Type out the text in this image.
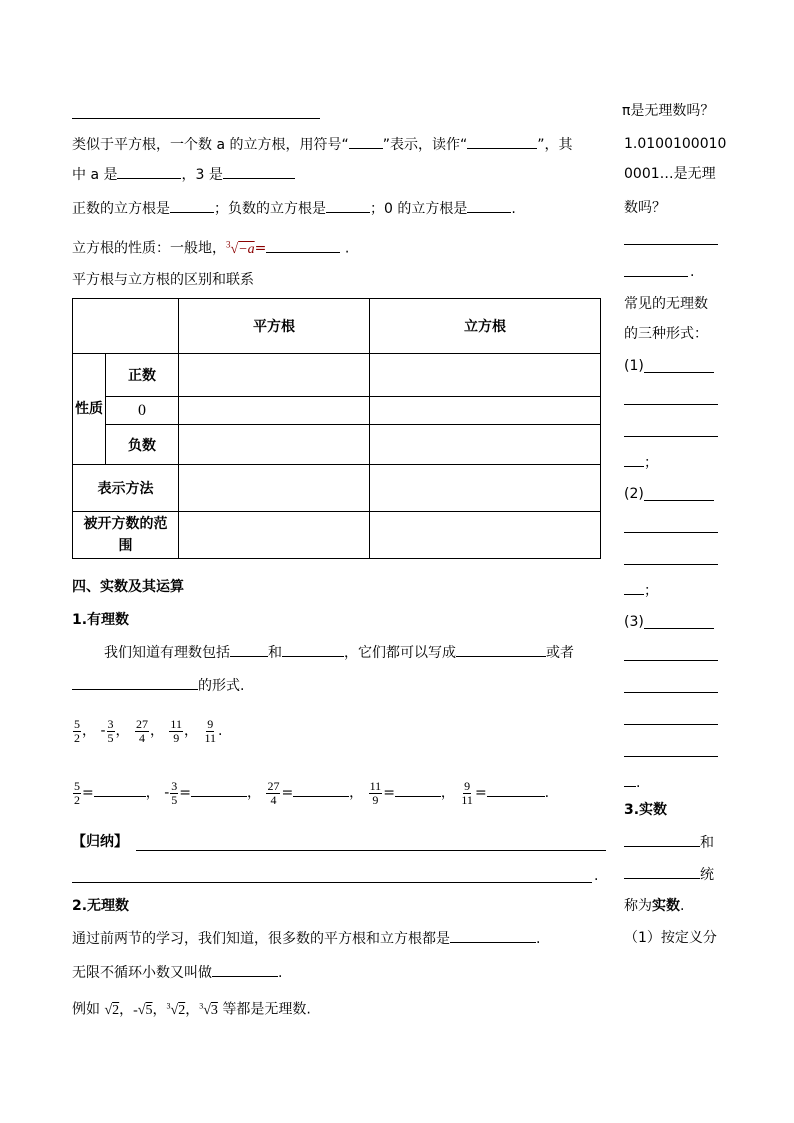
类似于平方根，一个数 a 的立方根，用符号“ ”表示，读作“	”，其
中 a 是	，3 是
正数的立方根是	；负数的立方根是	；0 的立方根是	.
立方根的性质：一般地，$^3$√−a=	.
平方根与立方根的区别和联系
		平方根	立方根
性质	正数		
	0		
	负数		
表示方法			
被开方数的范围			
四、实数及其运算
1.有理数
我们知道有理数包括	和	，它们都可以写成	或者
的形式.
$\frac{5}{2}$ ， - $\frac{3}{5}$ ， $\frac{27}{4}$ ， $\frac{11}{9}$ ， $\frac{9}{11}$ .
$\frac{5}{2}$ =	， - $\frac{3}{5}$ =	， $\frac{27}{4}$ =	， $\frac{11}{9}$ =	， $\frac{9}{11}$ =	.
【归纳】
.
2.无理数
通过前两节的学习，我们知道，很多数的平方根和立方根都是	.
无限不循环小数又叫做	.
例如 √2，-√5，$^3$√2，$^3$√3 等都是无理数.
π是无理数吗？
1.0100100010
0001…是无理
数吗？
.
常见的无理数
的三种形式：
(1)
；
(2)
；
(3)
.
3.实数
和
统
称为实数.
（1）按定义分
